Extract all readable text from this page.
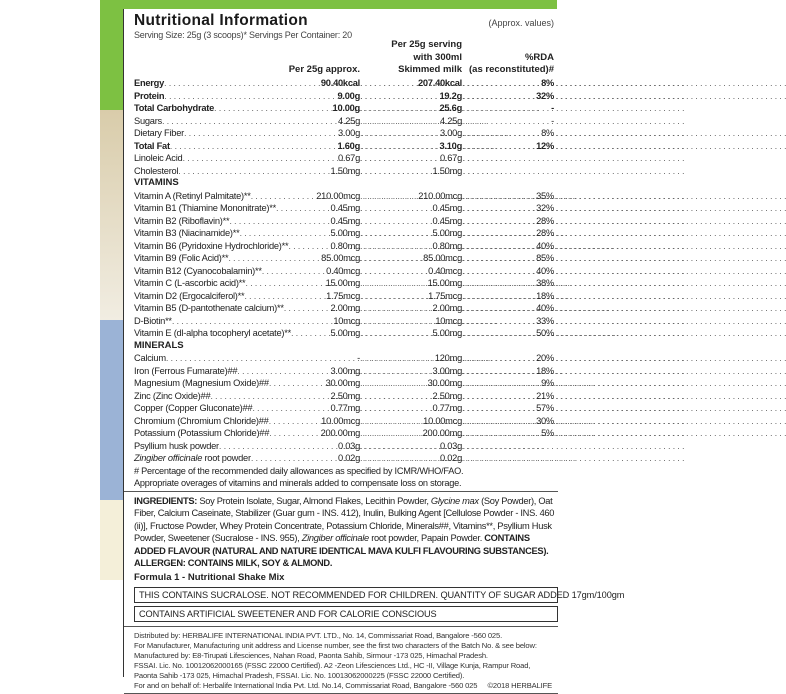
Nutritional Information	(Approx. values)
Serving Size: 25g (3 scoops)* Servings Per Container: 20
Per 25g approx.
Per 25g serving
with 300ml
Skimmed milk
%RDA
(as reconstituted)#
Energy . . .	90.40kcal . . .	207.40kcal . . .	8%
Protein . . .	9.00g . . .	19.2g . . .	32%
Total Carbohydrate . . .	10.00g . . .	25.6g	-
Sugars . . .	4.25g . . .	4.25g	-
Dietary Fiber . . .	3.00g . . .	3.00g . . .	8%
Total Fat . . .	1.60g . . .	3.10g . . .	12%
Linoleic Acid . . .	0.67g . . .	0.67g
Cholesterol . . .	1.50mg . . .	1.50mg
VITAMINS
Vitamin A (Retinyl Palmitate)** . . .	210.00mcg . . .	210.00mcg . . .	35%
Vitamin B1 (Thiamine Mononitrate)** . . .	0.45mg . . .	0.45mg . . .	32%
Vitamin B2 (Riboflavin)** . . .	0.45mg . . .	0.45mg . . .	28%
Vitamin B3 (Niacinamide)** . . .	5.00mg . . .	5.00mg . . .	28%
Vitamin B6 (Pyridoxine Hydrochloride)** . . .	0.80mg . . .	0.80mg . . .	40%
Vitamin B9 (Folic Acid)** . . .	85.00mcg . . .	85.00mcg . . .	85%
Vitamin B12 (Cyanocobalamin)** . . .	0.40mcg . . .	0.40mcg . . .	40%
Vitamin C (L-ascorbic acid)** . . .	15.00mg . . .	15.00mg . . .	38%
Vitamin D2 (Ergocalciferol)** . . .	1.75mcg . . .	1.75mcg . . .	18%
Vitamin B5 (D-pantothenate calcium)** . . .	2.00mg . . .	2.00mg . . .	40%
D-Biotin** . . .	10mcg . . .	10mcg . . .	33%
Vitamin E (dl-alpha tocopheryl acetate)** . . .	5.00mg . . .	5.00mg . . .	50%
MINERALS
Calcium . . .	- . . .	120mg . . .	20%
Iron (Ferrous Fumarate)## . . .	3.00mg . . .	3.00mg . . .	18%
Magnesium (Magnesium Oxide)## . . .	30.00mg . . .	30.00mg . . .	9%
Zinc (Zinc Oxide)## . . .	2.50mg . . .	2.50mg . . .	21%
Copper (Copper Gluconate)## . . .	0.77mg . . .	0.77mg . . .	57%
Chromium (Chromium Chloride)## . . .	10.00mcg . . .	10.00mcg . . .	30%
Potassium (Potassium Chloride)## . . .	200.00mg . . .	200.00mg . . .	5%
Psyllium husk powder . . .	0.03g . . .	0.03g
Zingiber officinale root powder . . .	0.02g . . .	0.02g
# Percentage of the recommended daily allowances as specified by ICMR/WHO/FAO.
Appropriate overages of vitamins and minerals added to compensate loss on storage.
INGREDIENTS: Soy Protein Isolate, Sugar, Almond Flakes, Lecithin Powder, Glycine max (Soy Powder), Oat Fiber, Calcium Caseinate, Stabilizer (Guar gum - INS. 412), Inulin, Bulking Agent [Cellulose Powder - INS. 460 (ii)], Fructose Powder, Whey Protein Concentrate, Potassium Chloride, Minerals##, Vitamins**, Psyllium Husk Powder, Sweetener (Sucralose - INS. 955), Zingiber officinale root powder, Papain Powder. CONTAINS ADDED FLAVOUR (NATURAL AND NATURE IDENTICAL MAVA KULFI FLAVOURING SUBSTANCES). ALLERGEN: CONTAINS MILK, SOY & ALMOND.
Formula 1 - Nutritional Shake Mix
THIS CONTAINS SUCRALOSE. NOT RECOMMENDED FOR CHILDREN. QUANTITY OF SUGAR ADDED 17gm/100gm
CONTAINS ARTIFICIAL SWEETENER AND FOR CALORIE CONSCIOUS
Distributed by: HERBALIFE INTERNATIONAL INDIA PVT. LTD., No. 14, Commissariat Road, Bangalore -560 025.
For Manufacturer, Manufacturing unit address and License number, see the first two characters of the Batch No. & see below:
Manufactured by: E8-Tirupati Lifesciences, Nahan Road, Paonta Sahib, Sirmour -173 025, Himachal Pradesh.
FSSAI. Lic. No. 10012062000165 (FSSC 22000 Certified). A2 -Zeon Lifesciences Ltd., HC -II, Village Kunja, Rampur Road,
Paonta Sahib -173 025, Himachal Pradesh, FSSAI. Lic. No. 10013062000225 (FSSC 22000 Certified).
For and on behalf of: Herbalife International India Pvt. Ltd. No.14, Commissariat Road, Bangalore -560 025 ©2018 HERBALIFE
